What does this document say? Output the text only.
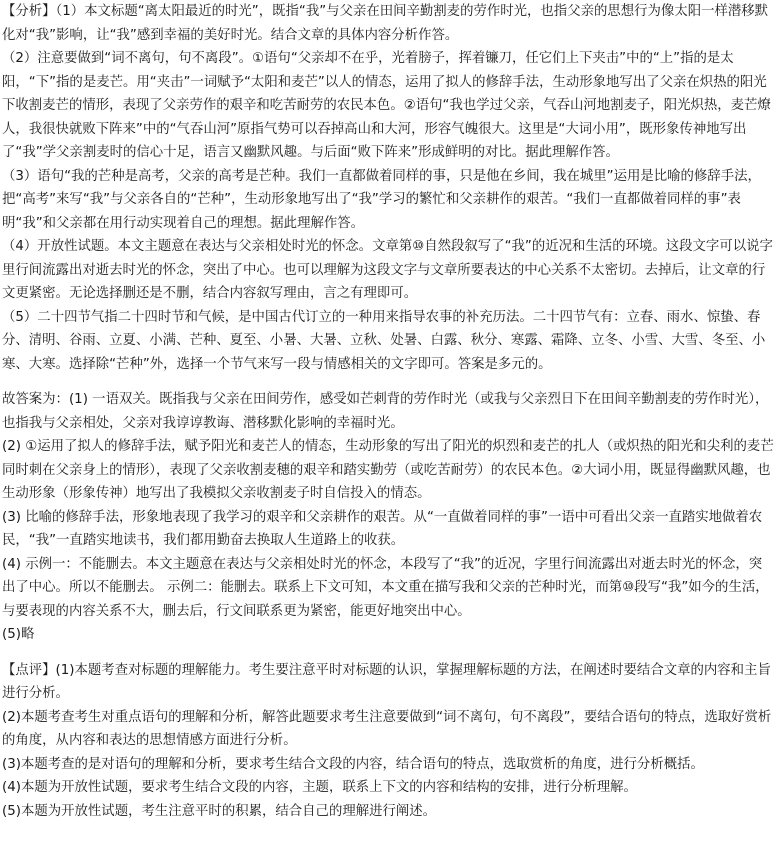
【分析】（1）本文标题“离太阳最近的时光”，既指“我”与父亲在田间辛勤割麦的劳作时光，也指父亲的思想行为像太阳一样潜移默化对“我”影响，让“我”感到幸福的美好时光。结合文章的具体内容分析作答。

（2）注意要做到“词不离句，句不离段”。①语句“父亲却不在乎，光着膀子，挥着镰刀，任它们上下夹击”中的“上”指的是太阳，“下”指的是麦芒。用“夹击”一词赋予“太阳和麦芒”以人的情态，运用了拟人的修辞手法，生动形象地写出了父亲在炽热的阳光下收割麦芒的情形，表现了父亲劳作的艰辛和吃苦耐劳的农民本色。②语句“我也学过父亲，气吞山河地割麦子，阳光炽热，麦芒燎人，我很快就败下阵来”中的“气吞山河”原指气势可以吞掉高山和大河，形容气魄很大。这里是“大词小用”，既形象传神地写出了“我”学父亲割麦时的信心十足，语言又幽默风趣。与后面“败下阵来”形成鲜明的对比。据此理解作答。

（3）语句“我的芒种是高考，父亲的高考是芒种。我们一直都做着同样的事，只是他在乡间，我在城里”运用是比喻的修辞手法，把“高考”来写“我”与父亲各自的“芒种”，生动形象地写出了“我”学习的繁忙和父亲耕作的艰苦。“我们一直都做着同样的事”表明“我”和父亲都在用行动实现着自己的理想。据此理解作答。

（4）开放性试题。本文主题意在表达与父亲相处时光的怀念。文章第⑩自然段叙写了“我”的近况和生活的环境。这段文字可以说字里行间流露出对逝去时光的怀念，突出了中心。也可以理解为这段文字与文章所要表达的中心关系不太密切。去掉后，让文章的行文更紧密。无论选择删还是不删，结合内容叙写理由，言之有理即可。

（5）二十四节气指二十四时节和气候，是中国古代订立的一种用来指导农事的补充历法。二十四节气有：立春、雨水、惊蛰、春分、清明、谷雨、立夏、小满、芒种、夏至、小暑、大暑、立秋、处暑、白露、秋分、寒露、霜降、立冬、小雪、大雪、冬至、小寒、大寒。选择除“芒种”外，选择一个节气来写一段与情感相关的文字即可。答案是多元的。

故答案为：(1) 一语双关。既指我与父亲在田间劳作，感受如芒刺背的劳作时光（或我与父亲烈日下在田间辛勤割麦的劳作时光），也指我与父亲相处，父亲对我谆谆教诲、潜移默化影响的幸福时光。

(2) ①运用了拟人的修辞手法，赋予阳光和麦芒人的情态，生动形象的写出了阳光的炽烈和麦芒的扎人（或炽热的阳光和尖利的麦芒同时刺在父亲身上的情形），表现了父亲收割麦穗的艰辛和踏实勤劳（或吃苦耐劳）的农民本色。②大词小用，既显得幽默风趣，也生动形象（形象传神）地写出了我模拟父亲收割麦子时自信投入的情态。

(3) 比喻的修辞手法，形象地表现了我学习的艰辛和父亲耕作的艰苦。从“一直做着同样的事”一语中可看出父亲一直踏实地做着农民，“我”一直踏实地读书，我们都用勤奋去换取人生道路上的收获。

(4) 示例一：不能删去。本文主题意在表达与父亲相处时光的怀念，本段写了“我”的近况，字里行间流露出对逝去时光的怀念，突出了中心。所以不能删去。 示例二：能删去。联系上下文可知，本文重在描写我和父亲的芒种时光，而第⑩段写“我”如今的生活，与要表现的内容关系不大，删去后，行文间联系更为紧密，能更好地突出中心。

(5)略

【点评】(1)本题考查对标题的理解能力。考生要注意平时对标题的认识，掌握理解标题的方法，在阐述时要结合文章的内容和主旨进行分析。

(2)本题考查考生对重点语句的理解和分析，解答此题要求考生注意要做到“词不离句，句不离段”，要结合语句的特点，选取好赏析的角度，从内容和表达的思想情感方面进行分析。

(3)本题考查的是对语句的理解和分析，要求考生结合文段的内容，结合语句的特点，选取赏析的角度，进行分析概括。

(4)本题为开放性试题，要求考生结合文段的内容，主题，联系上下文的内容和结构的安排，进行分析理解。

(5)本题为开放性试题，考生注意平时的积累，结合自己的理解进行阐述。
